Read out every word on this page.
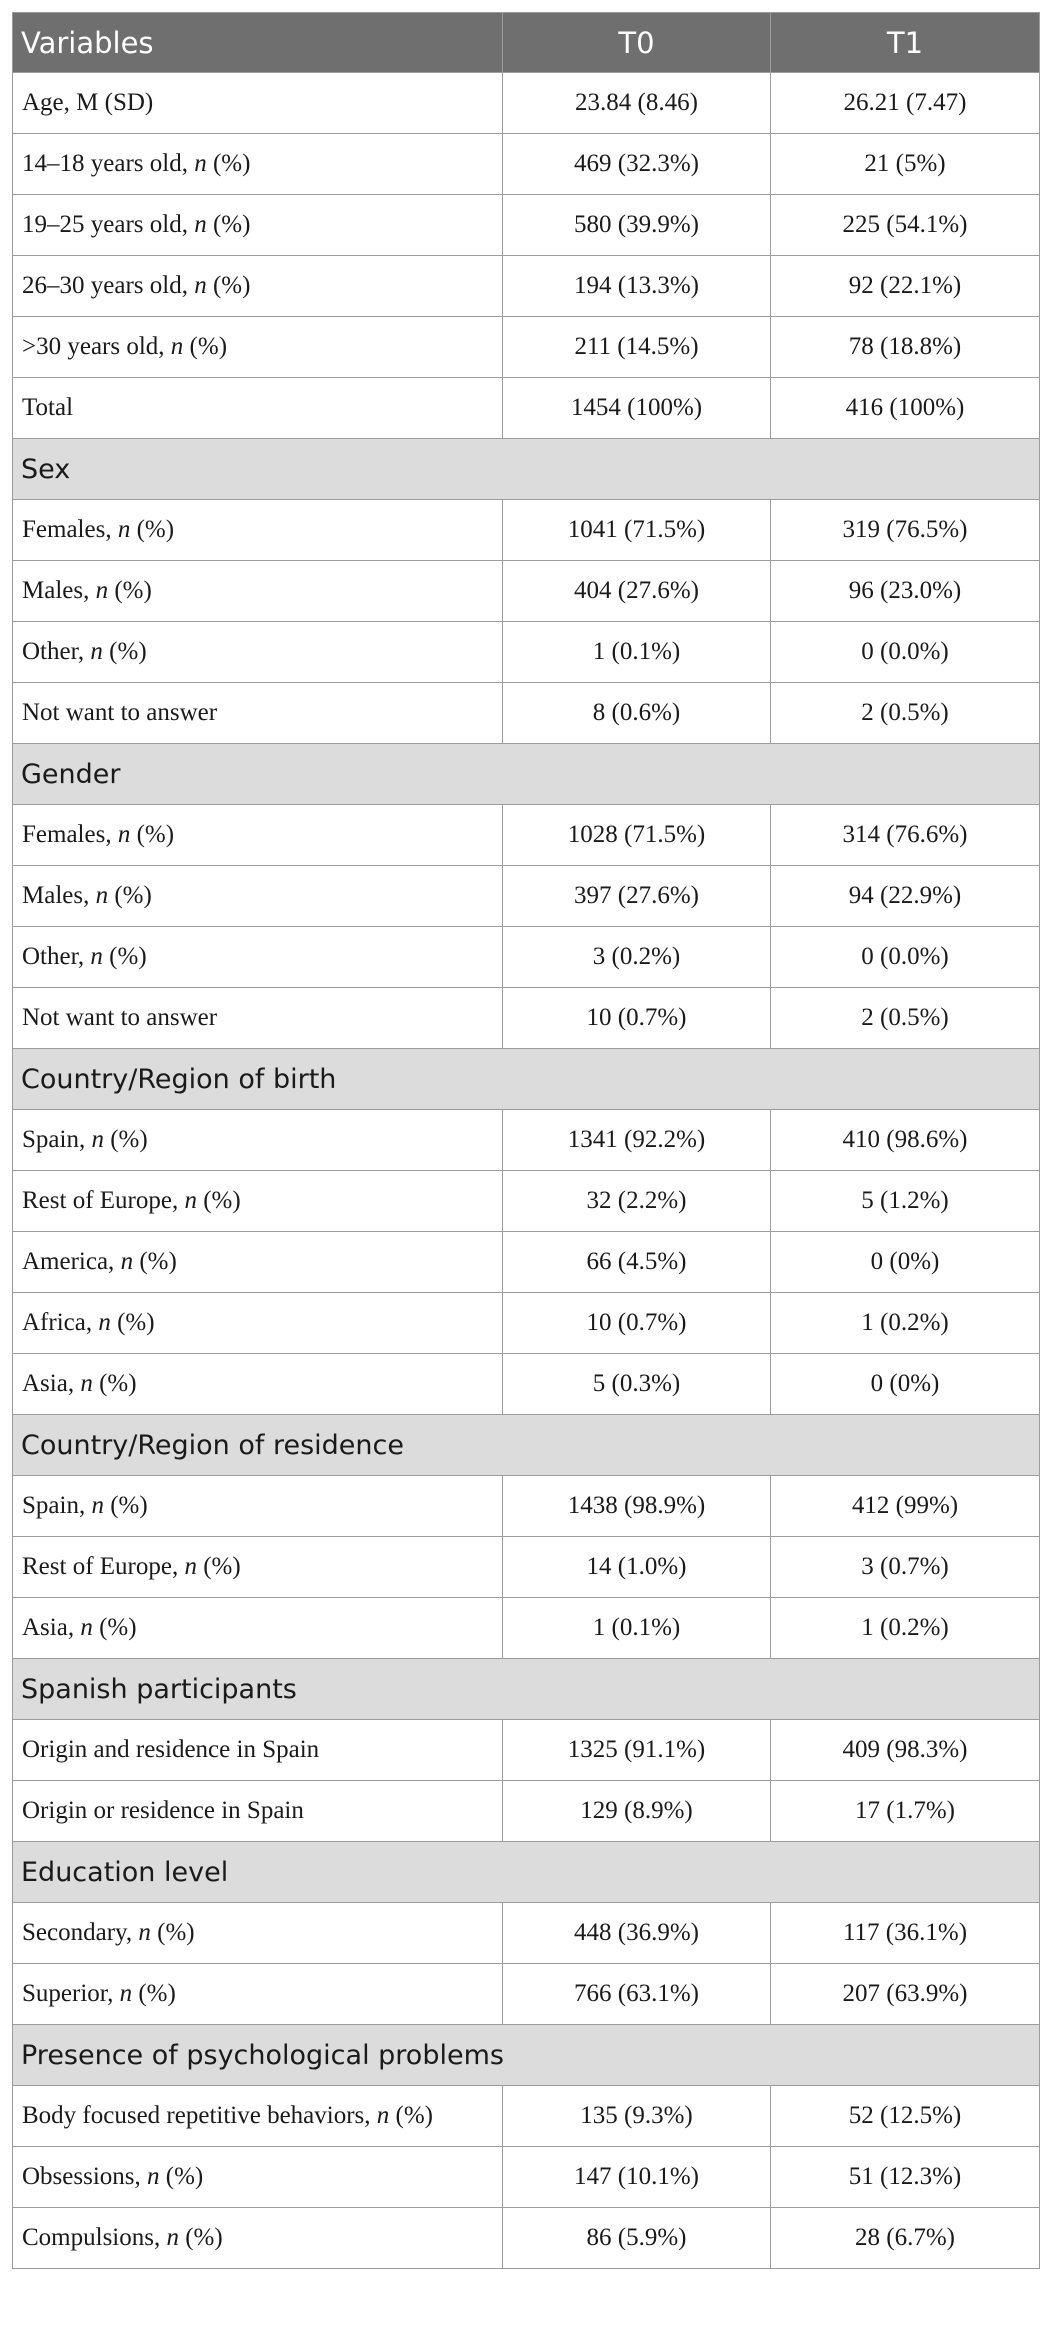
Variables	T0	T1
Age, M (SD)	23.84 (8.46)	26.21 (7.47)
14–18 years old, n (%)	469 (32.3%)	21 (5%)
19–25 years old, n (%)	580 (39.9%)	225 (54.1%)
26–30 years old, n (%)	194 (13.3%)	92 (22.1%)
>30 years old, n (%)	211 (14.5%)	78 (18.8%)
Total	1454 (100%)	416 (100%)
Sex		
Females, n (%)	1041 (71.5%)	319 (76.5%)
Males, n (%)	404 (27.6%)	96 (23.0%)
Other, n (%)	1 (0.1%)	0 (0.0%)
Not want to answer	8 (0.6%)	2 (0.5%)
Gender		
Females, n (%)	1028 (71.5%)	314 (76.6%)
Males, n (%)	397 (27.6%)	94 (22.9%)
Other, n (%)	3 (0.2%)	0 (0.0%)
Not want to answer	10 (0.7%)	2 (0.5%)
Country/Region of birth		
Spain, n (%)	1341 (92.2%)	410 (98.6%)
Rest of Europe, n (%)	32 (2.2%)	5 (1.2%)
America, n (%)	66 (4.5%)	0 (0%)
Africa, n (%)	10 (0.7%)	1 (0.2%)
Asia, n (%)	5 (0.3%)	0 (0%)
Country/Region of residence		
Spain, n (%)	1438 (98.9%)	412 (99%)
Rest of Europe, n (%)	14 (1.0%)	3 (0.7%)
Asia, n (%)	1 (0.1%)	1 (0.2%)
Spanish participants		
Origin and residence in Spain	1325 (91.1%)	409 (98.3%)
Origin or residence in Spain	129 (8.9%)	17 (1.7%)
Education level		
Secondary, n (%)	448 (36.9%)	117 (36.1%)
Superior, n (%)	766 (63.1%)	207 (63.9%)
Presence of psychological problems		
Body focused repetitive behaviors, n (%)	135 (9.3%)	52 (12.5%)
Obsessions, n (%)	147 (10.1%)	51 (12.3%)
Compulsions, n (%)	86 (5.9%)	28 (6.7%)
